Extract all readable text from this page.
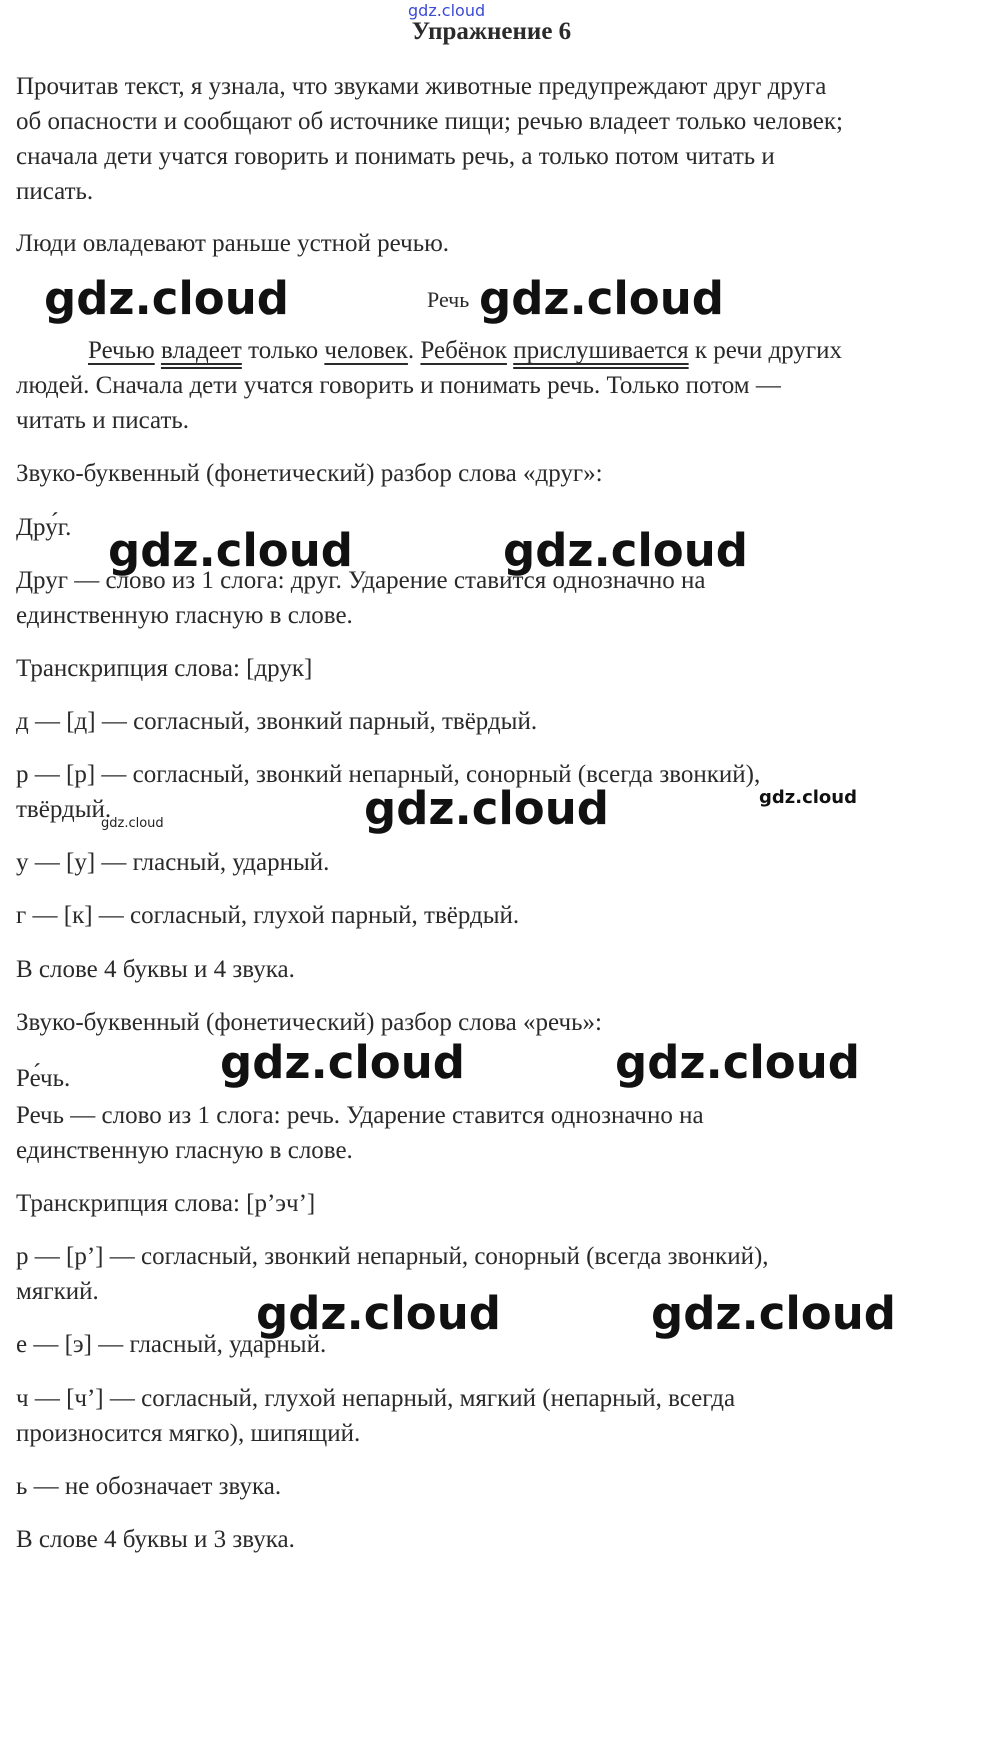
gdz.cloud
Упражнение 6

Прочитав текст, я узнала, что звуками животные предупреждают друг друга

об опасности и сообщают об источнике пищи; речью владеет только человек;

сначала дети учатся говорить и понимать речь, а только потом читать и

писать.

Люди овладевают раньше устной речью.

Речь

Речью владеет только человек. Ребёнок прислушивается к речи других

людей. Сначала дети учатся говорить и понимать речь. Только потом —

читать и писать.

Звуко-буквенный (фонетический) разбор слова «друг»:

Дру́г.

Друг — слово из 1 слога: друг. Ударение ставится однозначно на

единственную гласную в слове.

Транскрипция слова: [друк]

д — [д] — согласный, звонкий парный, твёрдый.

р — [р] — согласный, звонкий непарный, сонорный (всегда звонкий),

твёрдый.

у — [у] — гласный, ударный.

г — [к] — согласный, глухой парный, твёрдый.

В слове 4 буквы и 4 звука.

Звуко-буквенный (фонетический) разбор слова «речь»:

Ре́чь.

Речь — слово из 1 слога: речь. Ударение ставится однозначно на

единственную гласную в слове.

Транскрипция слова: [р’эч’]

р — [р’] — согласный, звонкий непарный, сонорный (всегда звонкий),

мягкий.

е — [э] — гласный, ударный.

ч — [ч’] — согласный, глухой непарный, мягкий (непарный, всегда

произносится мягко), шипящий.

ь — не обозначает звука.

В слове 4 буквы и 3 звука.

gdz.cloud	gdz.cloud
gdz.cloud	gdz.cloud
gdz.cloud	gdz.cloud
gdz.cloud
gdz.cloud	gdz.cloud
gdz.cloud	gdz.cloud
